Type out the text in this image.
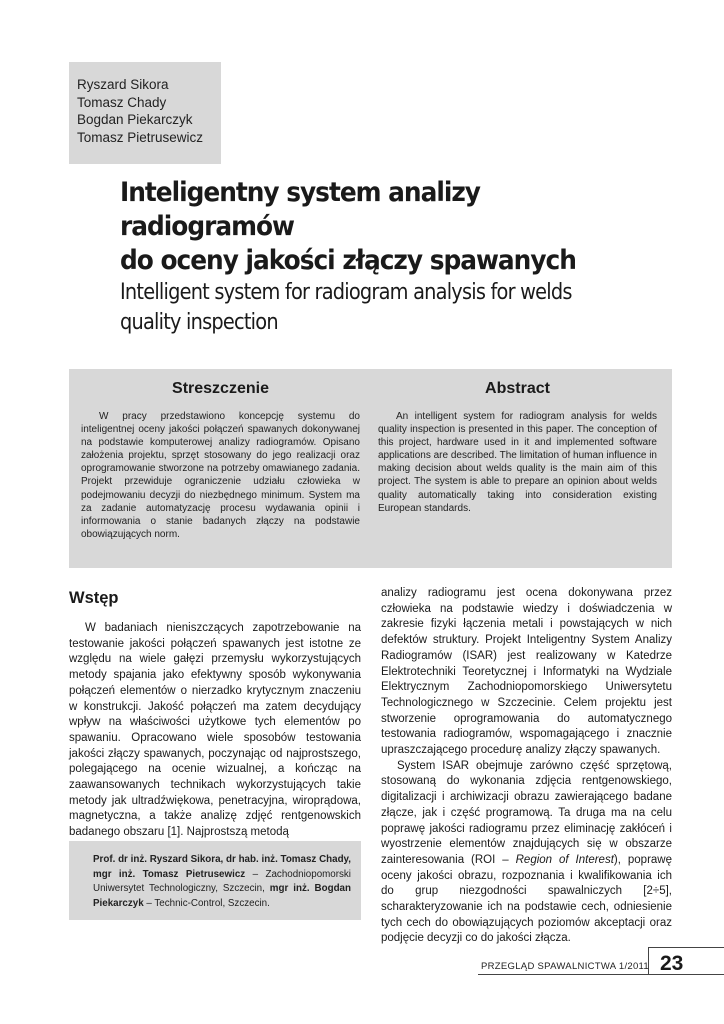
Ryszard Sikora
Tomasz Chady
Bogdan Piekarczyk
Tomasz Pietrusewicz
Inteligentny system analizy radiogramów
do oceny jakości złączy spawanych
Intelligent system for radiogram analysis for welds
quality inspection
Streszczenie
W pracy przedstawiono koncepcję systemu do inteligentnej oceny jakości połączeń spawanych dokonywanej na podstawie komputerowej analizy radiogramów. Opisano założenia projektu, sprzęt stosowany do jego realizacji oraz oprogramowanie stworzone na potrzeby omawianego zadania. Projekt przewiduje ograniczenie udziału człowieka w podejmowaniu decyzji do niezbędnego minimum. System ma za zadanie automatyzację procesu wydawania opinii i informowania o stanie badanych złączy na podstawie obowiązujących norm.
Abstract
An intelligent system for radiogram analysis for welds quality inspection is presented in this paper. The conception of this project, hardware used in it and implemented software applications are described. The limitation of human influence in making decision about welds quality is the main aim of this project. The system is able to prepare an opinion about welds quality automatically taking into consideration existing European standards.
Wstęp

W badaniach nieniszczących zapotrzebowanie na testowanie jakości połączeń spawanych jest istotne ze względu na wiele gałęzi przemysłu wykorzystujących metody spajania jako efektywny sposób wykonywania połączeń elementów o nierzadko krytycznym znaczeniu w konstrukcji. Jakość połączeń ma zatem decydujący wpływ na właściwości użytkowe tych elementów po spawaniu. Opracowano wiele sposobów testowania jakości złączy spawanych, poczynając od najprostszego, polegającego na ocenie wizualnej, a kończąc na zaawansowanych technikach wykorzystujących takie metody jak ultradźwiękowa, penetracyjna, wiroprądowa, magnetyczna, a także analizę zdjęć rentgenowskich badanego obszaru [1]. Najprostszą metodą

Prof. dr inż. Ryszard Sikora, dr hab. inż. Tomasz Chady, mgr inż. Tomasz Pietrusewicz – Zachodniopomorski Uniwersytet Technologiczny, Szczecin, mgr inż. Bogdan Piekarczyk – Technic-Control, Szczecin.

analizy radiogramu jest ocena dokonywana przez człowieka na podstawie wiedzy i doświadczenia w zakresie fizyki łączenia metali i powstających w nich defektów struktury. Projekt Inteligentny System Analizy Radiogramów (ISAR) jest realizowany w Katedrze Elektrotechniki Teoretycznej i Informatyki na Wydziale Elektrycznym Zachodniopomorskiego Uniwersytetu Technologicznego w Szczecinie. Celem projektu jest stworzenie oprogramowania do automatycznego testowania radiogramów, wspomagającego i znacznie upraszczającego procedurę analizy złączy spawanych.

System ISAR obejmuje zarówno część sprzętową, stosowaną do wykonania zdjęcia rentgenowskiego, digitalizacji i archiwizacji obrazu zawierającego badane złącze, jak i część programową. Ta druga ma na celu poprawę jakości radiogramu przez eliminację zakłóceń i wyostrzenie elementów znajdujących się w obszarze zainteresowania (ROI – Region of Interest), poprawę oceny jakości obrazu, rozpoznania i kwalifikowania ich do grup niezgodności spawalniczych [2÷5], scharakteryzowanie ich na podstawie cech, odniesienie tych cech do obowiązujących poziomów akceptacji oraz podjęcie decyzji co do jakości złącza.

PRZEGLĄD SPAWALNICTWA 1/2011 23
